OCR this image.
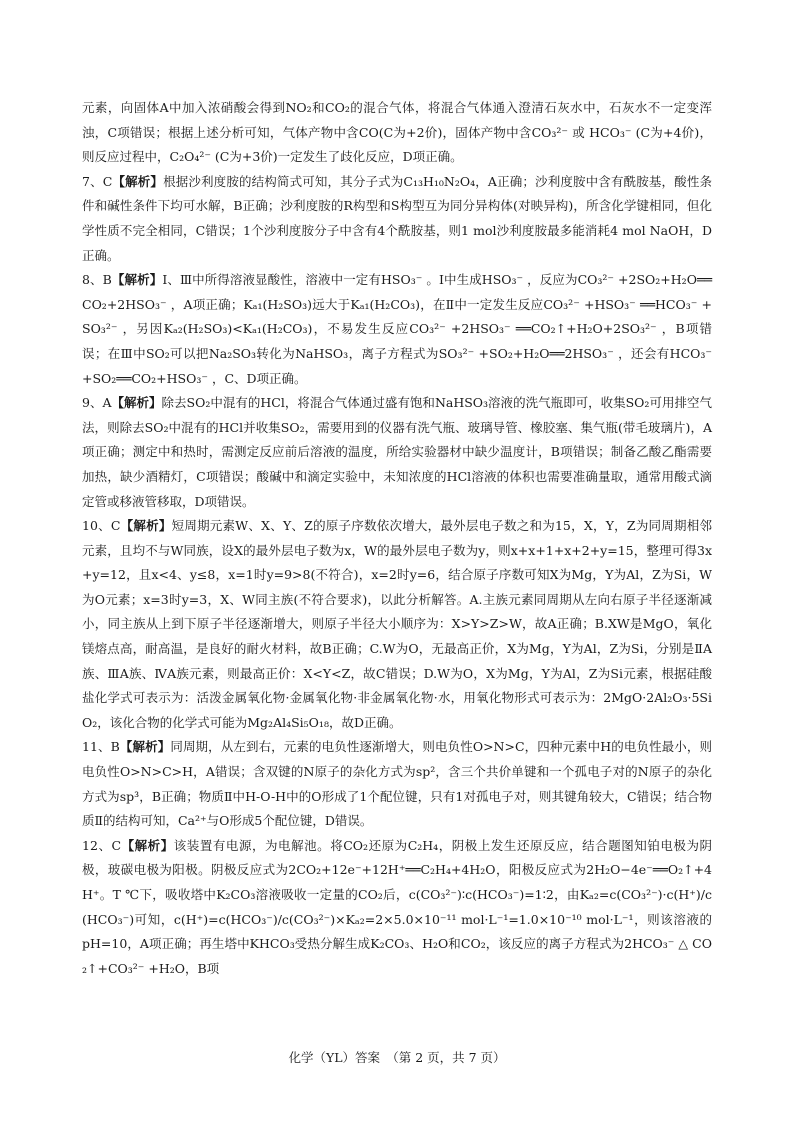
元素，向固体A中加入浓硝酸会得到NO₂和CO₂的混合气体，将混合气体通入澄清石灰水中，石灰水不一定变浑浊，C项错误；根据上述分析可知，气体产物中含CO(C为+2价)，固体产物中含CO₃²⁻ 或 HCO₃⁻ (C为+4价)，则反应过程中，C₂O₄²⁻ (C为+3价)一定发生了歧化反应，D项正确。

7、C【解析】根据沙利度胺的结构简式可知，其分子式为C₁₃H₁₀N₂O₄，A正确；沙利度胺中含有酰胺基，酸性条件和碱性条件下均可水解，B正确；沙利度胺的R构型和S构型互为同分异构体(对映异构)，所含化学键相同，但化学性质不完全相同，C错误；1个沙利度胺分子中含有4个酰胺基，则1 mol沙利度胺最多能消耗4 mol NaOH，D正确。

8、B【解析】Ⅰ、Ⅲ中所得溶液显酸性，溶液中一定有HSO₃⁻ 。Ⅰ中生成HSO₃⁻ ，反应为CO₃²⁻ +2SO₂+H₂O══CO₂+2HSO₃⁻ ，A项正确；Kₐ₁(H₂SO₃)远大于Kₐ₁(H₂CO₃)，在Ⅱ中一定发生反应CO₃²⁻ +HSO₃⁻ ══HCO₃⁻ +SO₃²⁻ ，另因Kₐ₂(H₂SO₃)<Kₐ₁(H₂CO₃)，不易发生反应CO₃²⁻ +2HSO₃⁻ ══CO₂↑+H₂O+2SO₃²⁻ ，B项错误；在Ⅲ中SO₂可以把Na₂SO₃转化为NaHSO₃，离子方程式为SO₃²⁻ +SO₂+H₂O══2HSO₃⁻ ，还会有HCO₃⁻ +SO₂══CO₂+HSO₃⁻ ，C、D项正确。

9、A【解析】除去SO₂中混有的HCl，将混合气体通过盛有饱和NaHSO₃溶液的洗气瓶即可，收集SO₂可用排空气法，则除去SO₂中混有的HCl并收集SO₂，需要用到的仪器有洗气瓶、玻璃导管、橡胶塞、集气瓶(带毛玻璃片)，A项正确；测定中和热时，需测定反应前后溶液的温度，所给实验器材中缺少温度计，B项错误；制备乙酸乙酯需要加热，缺少酒精灯，C项错误；酸碱中和滴定实验中，未知浓度的HCl溶液的体积也需要准确量取，通常用酸式滴定管或移液管移取，D项错误。

10、C【解析】短周期元素W、X、Y、Z的原子序数依次增大，最外层电子数之和为15，X，Y，Z为同周期相邻元素，且均不与W同族，设X的最外层电子数为x，W的最外层电子数为y，则x+x+1+x+2+y=15，整理可得3x+y=12，且x<4、y≤8，x=1时y=9>8(不符合)，x=2时y=6，结合原子序数可知X为Mg，Y为Al，Z为Si，W为O元素；x=3时y=3，X、W同主族(不符合要求)，以此分析解答。A.主族元素同周期从左向右原子半径逐渐减小，同主族从上到下原子半径逐渐增大，则原子半径大小顺序为：X>Y>Z>W，故A正确；B.XW是MgO，氧化镁熔点高，耐高温，是良好的耐火材料，故B正确；C.W为O，无最高正价，X为Mg，Y为Al，Z为Si，分别是ⅡA族、ⅢA族、ⅣA族元素，则最高正价：X<Y<Z，故C错误；D.W为O，X为Mg，Y为Al，Z为Si元素，根据硅酸盐化学式可表示为：活泼金属氧化物·金属氧化物·非金属氧化物·水，用氧化物形式可表示为：2MgO·2Al₂O₃·5SiO₂，该化合物的化学式可能为Mg₂Al₄Si₅O₁₈，故D正确。

11、B【解析】同周期，从左到右，元素的电负性逐渐增大，则电负性O>N>C，四种元素中H的电负性最小，则电负性O>N>C>H，A错误；含双键的N原子的杂化方式为sp²，含三个共价单键和一个孤电子对的N原子的杂化方式为sp³，B正确；物质Ⅱ中H-O-H中的O形成了1个配位键，只有1对孤电子对，则其键角较大，C错误；结合物质Ⅱ的结构可知，Ca²⁺与O形成5个配位键，D错误。

12、C【解析】该装置有电源，为电解池。将CO₂还原为C₂H₄，阴极上发生还原反应，结合题图知铂电极为阴极，玻碳电极为阳极。阴极反应式为2CO₂+12e⁻+12H⁺══C₂H₄+4H₂O，阳极反应式为2H₂O−4e⁻══O₂↑+4H⁺。T ℃下，吸收塔中K₂CO₃溶液吸收一定量的CO₂后，c(CO₃²⁻)∶c(HCO₃⁻)=1∶2，由Kₐ₂=c(CO₃²⁻)·c(H⁺)/c(HCO₃⁻)可知，c(H⁺)=c(HCO₃⁻)/c(CO₃²⁻)×Kₐ₂=2×5.0×10⁻¹¹ mol·L⁻¹=1.0×10⁻¹⁰ mol·L⁻¹，则该溶液的pH=10，A项正确；再生塔中KHCO₃受热分解生成K₂CO₃、H₂O和CO₂，该反应的离子方程式为2HCO₃⁻ △ CO₂↑+CO₃²⁻ +H₂O，B项

化学（YL）答案　（第 2 页，共 7 页）
